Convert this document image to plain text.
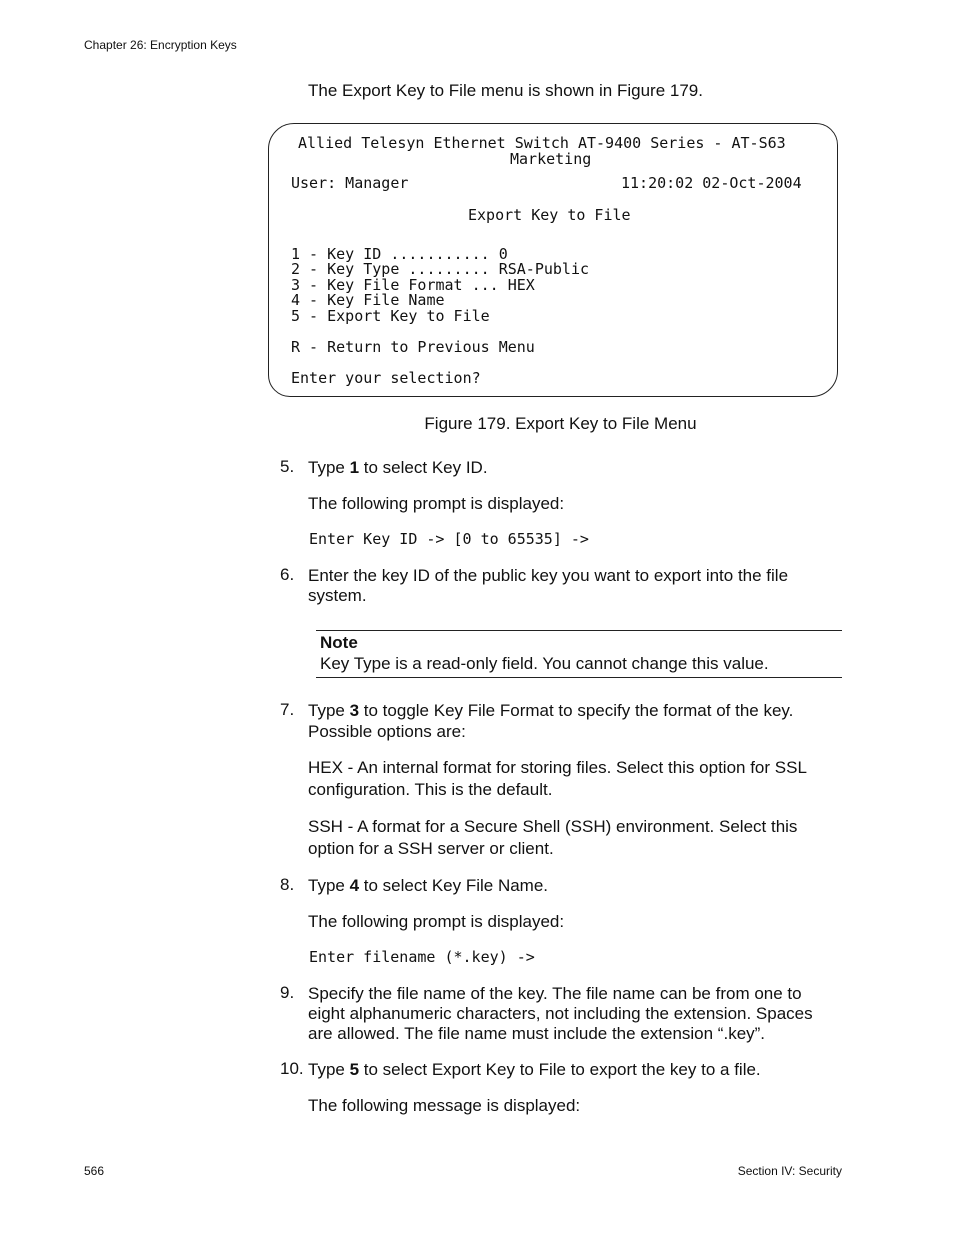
Chapter 26: Encryption Keys
The Export Key to File menu is shown in Figure 179.
Allied Telesyn Ethernet Switch AT-9400 Series - AT-S63
Marketing
User: Manager	11:20:02 02-Oct-2004
Export Key to File
1 - Key ID ........... 0
2 - Key Type ......... RSA-Public
3 - Key File Format ... HEX
4 - Key File Name
5 - Export Key to File
R - Return to Previous Menu
Enter your selection?
Figure 179. Export Key to File Menu
5. Type 1 to select Key ID.
The following prompt is displayed:
Enter Key ID -> [0 to 65535] ->
6. Enter the key ID of the public key you want to export into the file
system.
Note
Key Type is a read-only field. You cannot change this value.
7. Type 3 to toggle Key File Format to specify the format of the key.
Possible options are:
HEX - An internal format for storing files. Select this option for SSL
configuration. This is the default.
SSH - A format for a Secure Shell (SSH) environment. Select this
option for a SSH server or client.
8. Type 4 to select Key File Name.
The following prompt is displayed:
Enter filename (*.key) ->
9. Specify the file name of the key. The file name can be from one to
eight alphanumeric characters, not including the extension. Spaces
are allowed. The file name must include the extension “.key”.
10. Type 5 to select Export Key to File to export the key to a file.
The following message is displayed:
566	Section IV: Security
